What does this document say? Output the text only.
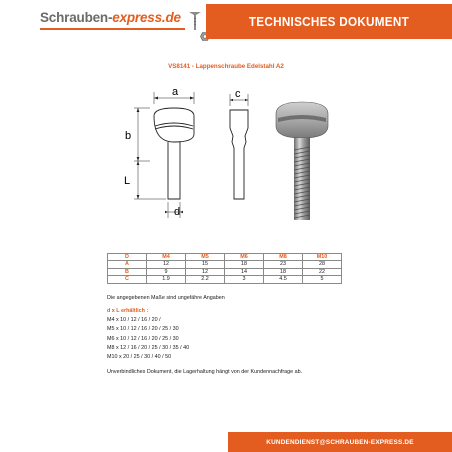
Schrauben-express.de	TECHNISCHES DOKUMENT
VS8141 - Lappenschraube Edelstahl A2
a	c
b
L
d
D	M4	M5	M6	M8	M10
A	12	15	18	23	28
B	9	12	14	18	22
C	1.9	2.2	3	4.5	5
Die angegebenen Maße sind ungefähre Angaben
d x L erhältlich :
M4 x 10 / 12 / 16 / 20 /
M5 x 10 / 12 / 16 / 20 / 25 / 30
M6 x 10 / 12 / 16 / 20 / 25 / 30
M8 x 12 / 16 / 20 / 25 / 30 / 35 / 40
M10 x 20 / 25 / 30 / 40 / 50
Unverbindliches Dokument, die Lagerhaltung hängt von der Kundennachfrage ab.
KUNDENDIENST@SCHRAUBEN-EXPRESS.DE
